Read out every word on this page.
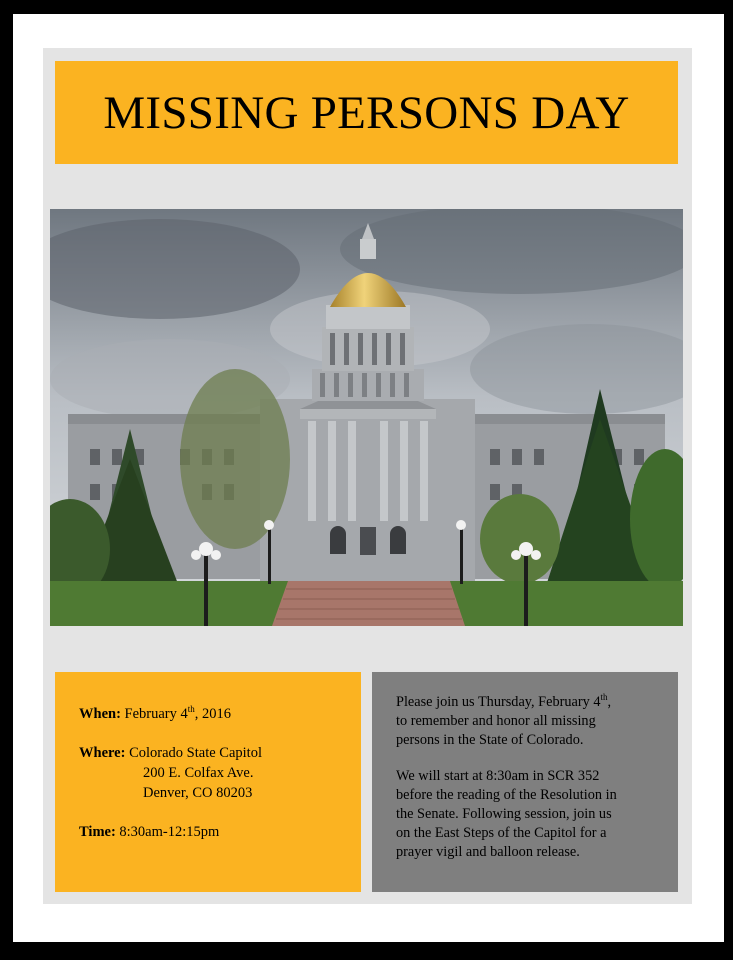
MISSING PERSONS DAY
When: February 4th, 2016
Where: Colorado State Capitol
200 E. Colfax Ave.
Denver, CO 80203
Time: 8:30am-12:15pm

Please join us Thursday, February 4th,
to remember and honor all missing
persons in the State of Colorado.

We will start at 8:30am in SCR 352
before the reading of the Resolution in
the Senate. Following session, join us
on the East Steps of the Capitol for a
prayer vigil and balloon release.
